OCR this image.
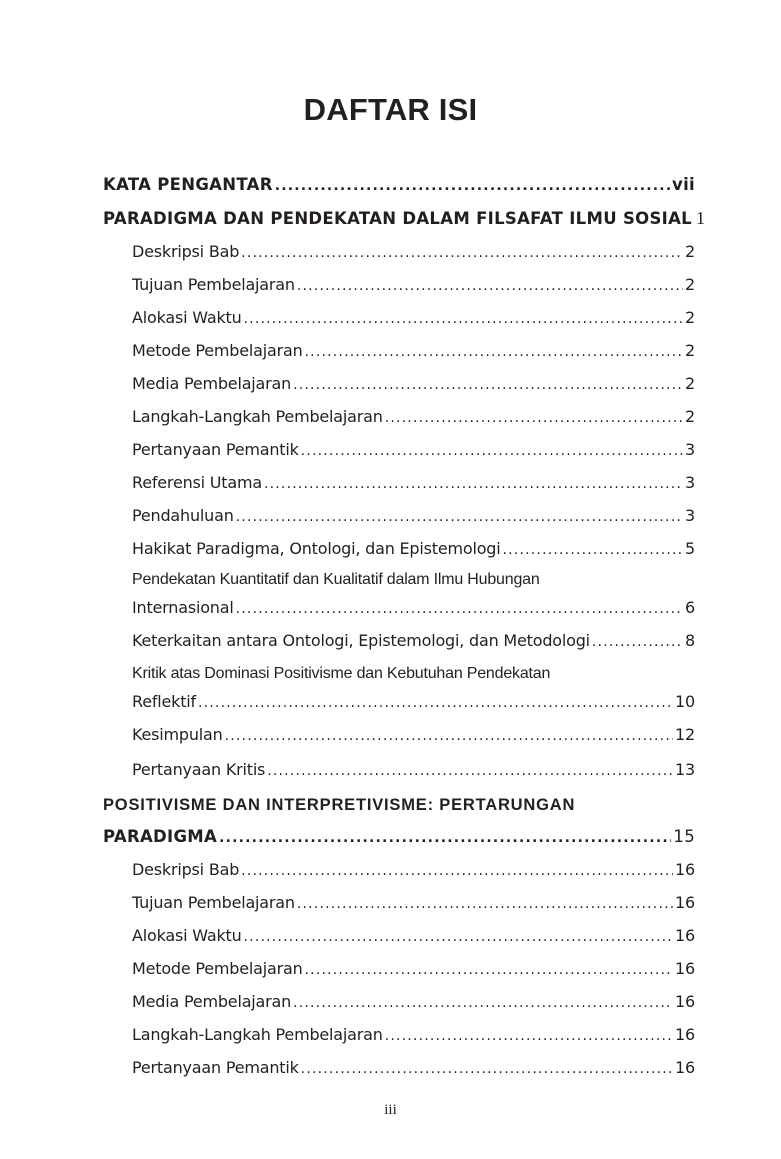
DAFTAR ISI
KATA PENGANTAR .....	vii
PARADIGMA DAN PENDEKATAN DALAM FILSAFAT ILMU SOSIAL 1
Deskripsi Bab .....	2
Tujuan Pembelajaran .....	2
Alokasi Waktu .....	2
Metode Pembelajaran .....	2
Media Pembelajaran .....	2
Langkah-Langkah Pembelajaran .....	2
Pertanyaan Pemantik .....	3
Referensi Utama .....	3
Pendahuluan .....	3
Hakikat Paradigma, Ontologi, dan Epistemologi .....	5
Pendekatan Kuantitatif dan Kualitatif dalam Ilmu Hubungan
Internasional .....	6
Keterkaitan antara Ontologi, Epistemologi, dan Metodologi .....	8
Kritik atas Dominasi Positivisme dan Kebutuhan Pendekatan
Reflektif .....	10
Kesimpulan .....	12
Pertanyaan Kritis .....	13
POSITIVISME DAN INTERPRETIVISME: PERTARUNGAN
PARADIGMA .....	15
Deskripsi Bab .....	16
Tujuan Pembelajaran .....	16
Alokasi Waktu .....	16
Metode Pembelajaran .....	16
Media Pembelajaran .....	16
Langkah-Langkah Pembelajaran .....	16
Pertanyaan Pemantik .....	16
iii
